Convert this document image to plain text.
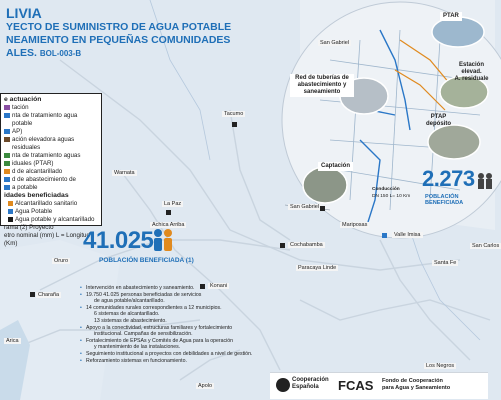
LIVIA
YECTO DE SUMINISTRO DE AGUA POTABLE
NEAMIENTO EN PEQUEÑAS COMUNIDADES
ALES. BOL-003-B
e actuación
tación
nta de tratamiento agua potable
AP)
ación elevadora aguas residuales
nta de tratamiento aguas
iduales (PTAR)
d de alcantarillado
d de abastecimiento de
a potable
idades beneficiadas
Alcantarillado sanitario
Agua Potable
Agua potable y alcantarillado
rama (2) Proyecto
etro nominal (mm) L = Longitud (Km)
Tacumo
Warnata
La Paz
Achica Arriba
Oruro
Charaña
Konani
Cochabamba
Paracaya Linde
Arica
Apolo
Mariposas
Valle Imisa
San Carlos
Santa Fe
Los Negros
San Gabriel
San Gabriel
PTAR
Estación elevad.
A. residuale
Red de tuberías de abastecimiento y saneamiento
PTAP
depósito
Captación
Conducción
DN 150 L= 10 Km
2.273
POBLACIÓN BENEFICIADA
41.025
POBLACIÓN BENEFICIADA (1)
• Intervención en abastecimiento y saneamiento.
• 19.750 41.025 personas beneficiadas de servicios
de agua potable/alcantarillado.
• 14 comunidades rurales correspondientes a 12 municipios.
6 sistemas de alcantarillado.
13 sistemas de abastecimiento.
• Apoyo a la conectividad, estructuras familiares y fortalecimiento
institucional. Campañas de sensibilización.
• Fortalecimiento de EPSAs y Comités de Agua para la operación
y mantenimiento de las instalaciones.
• Seguimiento institucional a proyectos con debilidades a nivel de gestión.
• Reforzamiento sistemas en funcionamiento.
Cooperación
Española	FCAS Fondo de Cooperación
para Agua y Saneamiento
